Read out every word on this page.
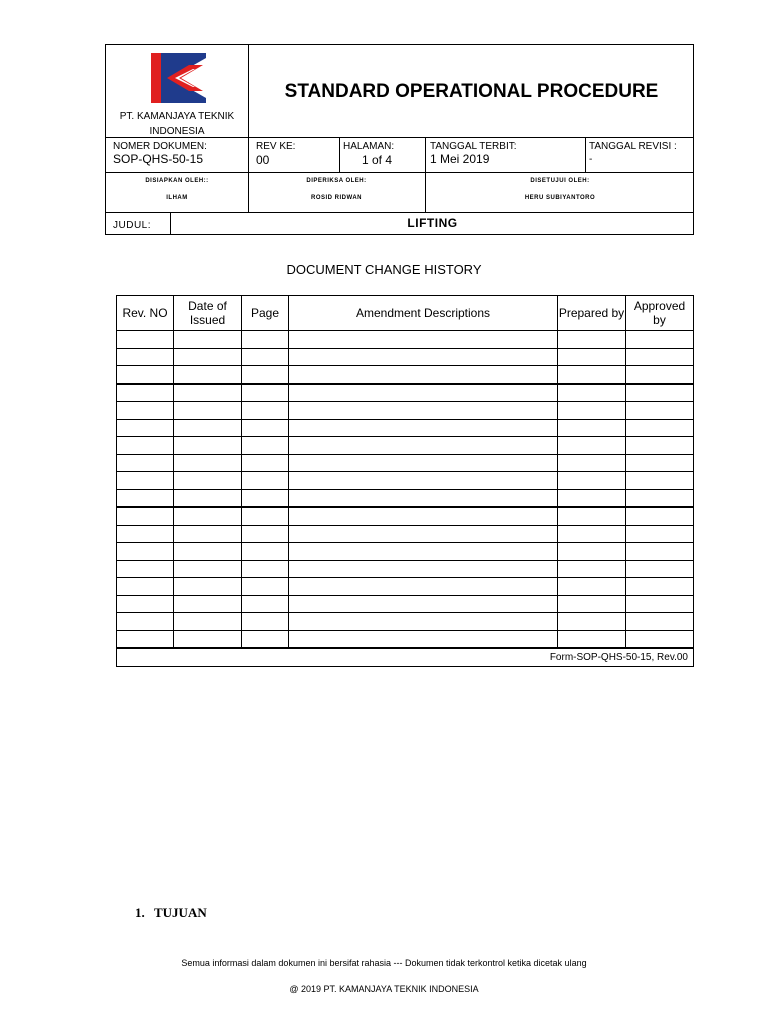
PT. KAMANJAYA TEKNIK INDONESIA
STANDARD OPERATIONAL PROCEDURE
NOMER DOKUMEN:
SOP-QHS-50-15
REV KE:
00
HALAMAN:
1 of 4
TANGGAL TERBIT:
1 Mei 2019
TANGGAL REVISI :
-
DISIAPKAN OLEH::
ILHAM
DIPERIKSA OLEH:
ROSID RIDWAN
DISETUJUI OLEH:
HERU SUBIYANTORO
JUDUL:	LIFTING
DOCUMENT CHANGE HISTORY
Rev. NO	Date of Issued	Page	Amendment Descriptions	Prepared by	Approved by

Form-SOP-QHS-50-15, Rev.00					
1. TUJUAN
Semua informasi dalam dokumen ini bersifat rahasia --- Dokumen tidak terkontrol ketika dicetak ulang
@ 2019 PT. KAMANJAYA TEKNIK INDONESIA
